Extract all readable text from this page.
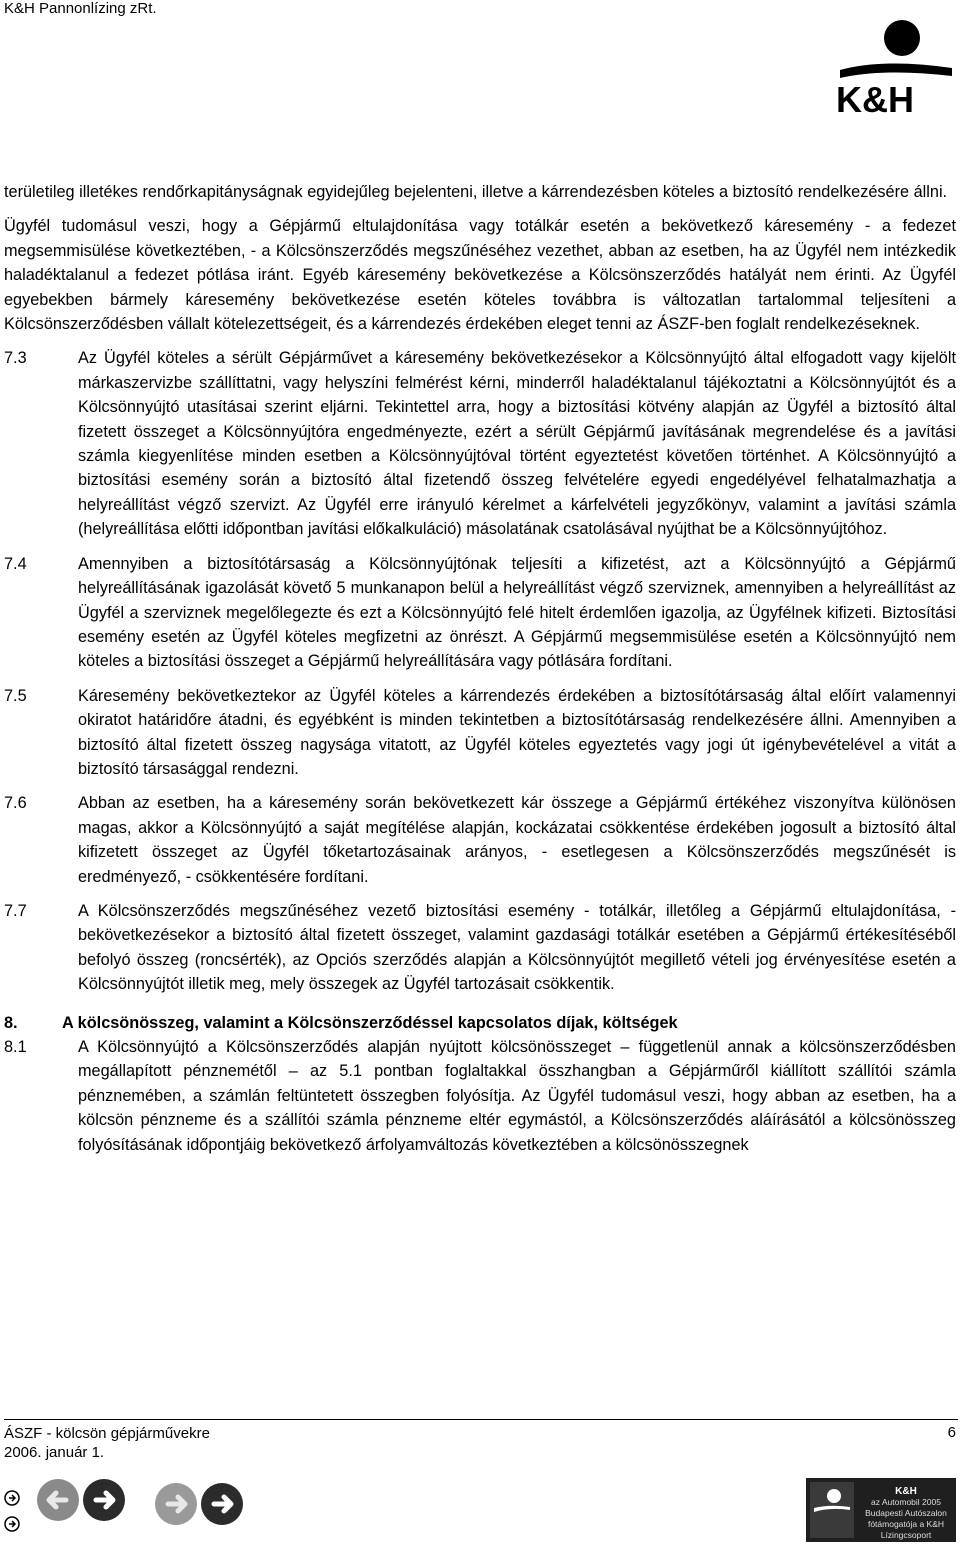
K&H Pannonlízing zRt.
K&H

területileg illetékes rendőrkapitányságnak egyidejűleg bejelenteni, illetve a kárrendezésben köteles a biztosító rendelkezésére állni.

Ügyfél tudomásul veszi, hogy a Gépjármű eltulajdonítása vagy totálkár esetén a bekövetkező káresemény - a fedezet megsemmisülése következtében, - a Kölcsönszerződés megszűnéséhez vezethet, abban az esetben, ha az Ügyfél nem intézkedik haladéktalanul a fedezet pótlása iránt. Egyéb káresemény bekövetkezése a Kölcsönszerződés hatályát nem érinti. Az Ügyfél egyebekben bármely káresemény bekövetkezése esetén köteles továbbra is változatlan tartalommal teljesíteni a Kölcsönszerződésben vállalt kötelezettségeit, és a kárrendezés érdekében eleget tenni az ÁSZF-ben foglalt rendelkezéseknek.

7.3	Az Ügyfél köteles a sérült Gépjárművet a káresemény bekövetkezésekor a Kölcsönnyújtó által elfogadott vagy kijelölt márkaszervizbe szállíttatni, vagy helyszíni felmérést kérni, minderről haladéktalanul tájékoztatni a Kölcsönnyújtót és a Kölcsönnyújtó utasításai szerint eljárni. Tekintettel arra, hogy a biztosítási kötvény alapján az Ügyfél a biztosító által fizetett összeget a Kölcsönnyújtóra engedményezte, ezért a sérült Gépjármű javításának megrendelése és a javítási számla kiegyenlítése minden esetben a Kölcsönnyújtóval történt egyeztetést követően történhet. A Kölcsönnyújtó a biztosítási esemény során a biztosító által fizetendő összeg felvételére egyedi engedélyével felhatalmazhatja a helyreállítást végző szervizt. Az Ügyfél erre irányuló kérelmet a kárfelvételi jegyzőkönyv, valamint a javítási számla (helyreállítása előtti időpontban javítási előkalkuláció) másolatának csatolásával nyújthat be a Kölcsönnyújtóhoz.
7.4	Amennyiben a biztosítótársaság a Kölcsönnyújtónak teljesíti a kifizetést, azt a Kölcsönnyújtó a Gépjármű helyreállításának igazolását követő 5 munkanapon belül a helyreállítást végző szerviznek, amennyiben a helyreállítást az Ügyfél a szerviznek megelőlegezte és ezt a Kölcsönnyújtó felé hitelt érdemlően igazolja, az Ügyfélnek kifizeti. Biztosítási esemény esetén az Ügyfél köteles megfizetni az önrészt. A Gépjármű megsemmisülése esetén a Kölcsönnyújtó nem köteles a biztosítási összeget a Gépjármű helyreállítására vagy pótlására fordítani.
7.5	Káresemény bekövetkeztekor az Ügyfél köteles a kárrendezés érdekében a biztosítótársaság által előírt valamennyi okiratot határidőre átadni, és egyébként is minden tekintetben a biztosítótársaság rendelkezésére állni. Amennyiben a biztosító által fizetett összeg nagysága vitatott, az Ügyfél köteles egyeztetés vagy jogi út igénybevételével a vitát a biztosító társasággal rendezni.
7.6	Abban az esetben, ha a káresemény során bekövetkezett kár összege a Gépjármű értékéhez viszonyítva különösen magas, akkor a Kölcsönnyújtó a saját megítélése alapján, kockázatai csökkentése érdekében jogosult a biztosító által kifizetett összeget az Ügyfél tőketartozásainak arányos, - esetlegesen a Kölcsönszerződés megszűnését is eredményező, - csökkentésére fordítani.
7.7	A Kölcsönszerződés megszűnéséhez vezető biztosítási esemény - totálkár, illetőleg a Gépjármű eltulajdonítása, - bekövetkezésekor a biztosító által fizetett összeget, valamint gazdasági totálkár esetében a Gépjármű értékesítéséből befolyó összeg (roncsérték), az Opciós szerződés alapján a Kölcsönnyújtót megillető vételi jog érvényesítése esetén a Kölcsönnyújtót illetik meg, mely összegek az Ügyfél tartozásait csökkentik.
8.	A kölcsönösszeg, valamint a Kölcsönszerződéssel kapcsolatos díjak, költségek
8.1	A Kölcsönnyújtó a Kölcsönszerződés alapján nyújtott kölcsönösszeget – függetlenül annak a kölcsönszerződésben megállapított pénznemétől – az 5.1 pontban foglaltakkal összhangban a Gépjárműről kiállított szállítói számla pénznemében, a számlán feltüntetett összegben folyósítja. Az Ügyfél tudomásul veszi, hogy abban az esetben, ha a kölcsön pénzneme és a szállítói számla pénzneme eltér egymástól, a Kölcsönszerződés aláírásától a kölcsönösszeg folyósításának időpontjáig bekövetkező árfolyamváltozás következtében a kölcsönösszegnek
ÁSZF - kölcsön gépjárművekre
2006. január 1.
6
K&H
az Automobil 2005
Budapesti Autószalon
fótámogatója a K&H Lízingcsoport
